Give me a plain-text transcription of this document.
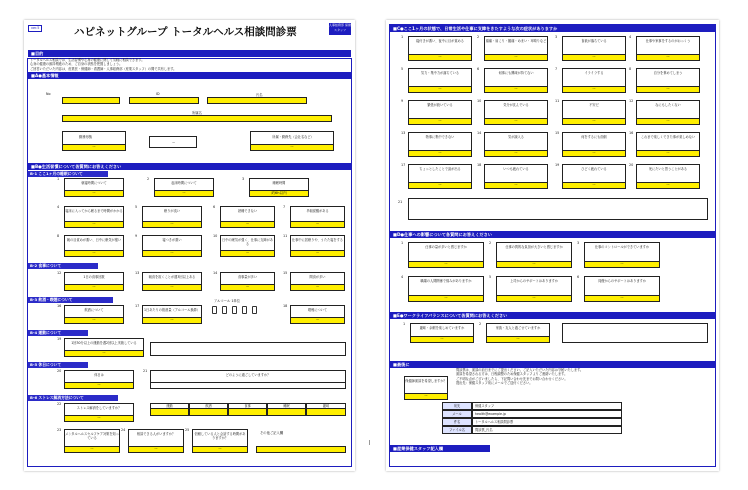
ver.5	ハピネットグループ トータルヘルス相談問診票
人事総務部 保健スタッフ
■目的
トータルヘルス相談では、生活習慣や心身の健康に関して気軽に相談できます。
心身の健康の維持増進のため、ご自身の状態を把握しましょう。
ご回答いただいた内容は、産業医・保健師・看護師・人事総務部（産業スタッフ）の間で共有します。
■A●基本情報
No	ID	氏名
所属名
勤務形態
ー
ー
所属・勤務先（会社名など）
ー
■B●生活習慣について各質問にお答えください
B-1 ここ1ヶ月の睡眠について
1
就寝時間について
ー
2
起床時間について
ー
3
睡眠時間
約6h以内
4
寝床に入ってから眠るまで時間がかかる
ー
5
眠りが浅い
ー
6
熟睡できない
ー
7
早朝覚醒がある
ー
8
朝の目覚めが悪い、日中に眠気が強い
ー
9
寝つきが悪い
ー
10
日中の眠気が強く、仕事に支障がある
ー
11
仕事中に居眠りや、うたた寝をする
ー
B-2 食事について
12
1日の食事回数
ー
13
朝食を抜くことが週3回以上ある
ー
14
食事量が多い
ー
15
間食が多い
ー
B-3 飲酒・喫煙について
16
飲酒について
ー
17
1日あたりの飲酒量（アルコール換算）
ー
アルコール 1単位
18
喫煙について
ー
B-4 運動について
19
1回30分以上の運動を週2回以上実施している
ー
B-5 休日について
20
休日は
ー
21
どのように過ごしていますか？
B-6 ストレス解消方法について
22
ストレス解消をしていますか？
ー
運動	飲酒	食事	睡眠	趣味
23
メンタルヘルスセルフケア対策を知っている
ー
24
相談できる人がいますか？
ー
25
信頼している人と会話する時間がありますか？
ー
その他ご記入欄
■C●ここ1ヶ月の状態で、日常生活や仕事に支障をきたすような次の症状がありますか
1
寝付きが悪い、夜中に目が覚める
ー
2
頭痛・肩こり・腰痛・めまい・耳鳴りなど
ー
3
食欲が落ちている
ー
4
仕事や家事をするのがおっくう
ー
5
気力・集中力が落ちている
ー
6
何事にも興味が持てない
ー
7
イライラする
ー
8
自分を責めてしまう
ー
9
緊張が続いている
ー
10
気分が沈んでいる
ー
11
不安だ
ー
12
なにもしたくない
ー
13
物事に集中できない
ー
14
気が滅入る
ー
15
何をするにも面倒
ー
16
これまで楽しくできた事が楽しめない
ー
17
ちょっとしたことで涙が出る
ー
18
いつも疲れている
ー
19
ひどく疲れている
ー
20
死にたいと思うことがある
ー
21
■D●仕事への影響について各質問にお答えください
1
仕事の量が多いと感じますか
ー
2
仕事の質的な負担が大きいと感じますか
ー
3
仕事のコントロールができていますか
ー
4
職場の人間関係で悩みがありますか
ー
5
上司からのサポートはありますか
ー
6
同僚からのサポートはありますか
ー
■E●ワークライフバランスについて各質問にお答えください
1
趣味・余暇を楽しめていますか
ー
2
家族・友人と過ごせていますか
ー
■最後に
保健師面談を希望しますか？
ー
問診票は、面談の前日までにご提出ください。ご記入いただいた内容は守秘いたします。
面談を希望される方は、日程調整のため保健スタッフよりご連絡いたします。
ご不明な点がございましたら、下記問い合わせ先までお問い合わせください。
提出先：保健スタッフ宛にメールでご送付ください。
宛先	保健スタッフ
メール	health@example.jp
件名	トータルヘルス相談問診票
ファイル名	問診票_氏名
■産業保健スタッフ記入欄
